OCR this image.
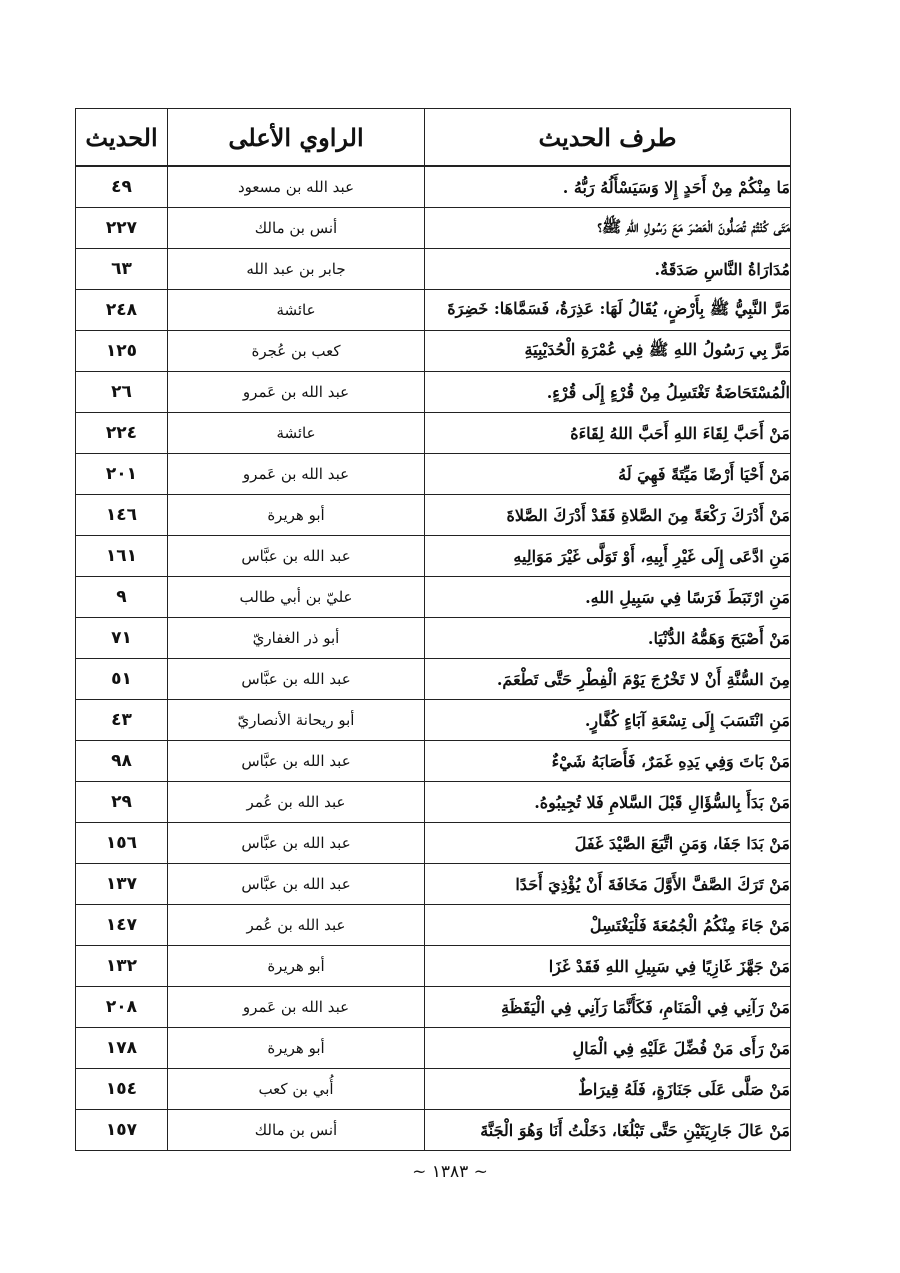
طرف الحديث	الراوي الأعلى	الحديث
مَا مِنْكُمْ مِنْ أَحَدٍ إِلا وَسَيَسْأَلُهُ رَبُّهُ .	عبد الله بن مسعود	٤٩
مَتَى كُنْتُمْ تُصَلُّونَ الْعَصْرَ مَعَ رَسُولِ اللهِ ﷺ؟	أنس بن مالك	٢٢٧
مُدَارَاةُ النَّاسِ صَدَقَةٌ.	جابر بن عبد الله	٦٣
مَرَّ النَّبِيُّ ﷺ بِأَرْضٍ، يُقَالُ لَهَا: عَذِرَةُ، فَسَمَّاهَا: خَضِرَةَ	عائشة	٢٤٨
مَرَّ بِي رَسُولُ اللهِ ﷺ فِي عُمْرَةِ الْحُدَيْبِيَةِ	كعب بن عُجرة	١٢٥
الْمُسْتَحَاضَةُ تَغْتَسِلُ مِنْ قُرْءٍ إِلَى قُرْءٍ.	عبد الله بن عَمرو	٢٦
مَنْ أَحَبَّ لِقَاءَ اللهِ أَحَبَّ اللهُ لِقَاءَهُ	عائشة	٢٢٤
مَنْ أَحْيَا أَرْضًا مَيِّتَةً فَهِيَ لَهُ	عبد الله بن عَمرو	٢٠١
مَنْ أَدْرَكَ رَكْعَةً مِنَ الصَّلاةِ فَقَدْ أَدْرَكَ الصَّلاةَ	أبو هريرة	١٤٦
مَنِ ادَّعَى إِلَى غَيْرِ أَبِيهِ، أَوْ تَوَلَّى غَيْرَ مَوَالِيهِ	عبد الله بن عبَّاس	١٦١
مَنِ ارْتَبَطَ فَرَسًا فِي سَبِيلِ اللهِ.	عليّ بن أبي طالب	٩
مَنْ أَصْبَحَ وَهَمُّهُ الدُّنْيَا.	أبو ذر الغفاريّ	٧١
مِنَ السُّنَّةِ أَنْ لا تَخْرُجَ يَوْمَ الْفِطْرِ حَتَّى تَطْعَمَ.	عبد الله بن عبَّاس	٥١
مَنِ انْتَسَبَ إِلَى تِسْعَةِ آبَاءٍ كُفَّارٍ.	أبو ريحانة الأنصاريّ	٤٣
مَنْ بَاتَ وَفِي يَدِهِ غَمَرٌ، فَأَصَابَهُ شَيْءٌ	عبد الله بن عبَّاس	٩٨
مَنْ بَدَأَ بِالسُّؤَالِ قَبْلَ السَّلامِ فَلا تُجِيبُوهُ.	عبد الله بن عُمر	٢٩
مَنْ بَدَا جَفَا، وَمَنِ اتَّبَعَ الصَّيْدَ غَفَلَ	عبد الله بن عبَّاس	١٥٦
مَنْ تَرَكَ الصَّفَّ الأَوَّلَ مَخَافَةَ أَنْ يُؤْذِيَ أَحَدًا	عبد الله بن عبَّاس	١٣٧
مَنْ جَاءَ مِنْكُمُ الْجُمُعَةَ فَلْيَغْتَسِلْ	عبد الله بن عُمر	١٤٧
مَنْ جَهَّزَ غَازِيًا فِي سَبِيلِ اللهِ فَقَدْ غَزَا	أبو هريرة	١٣٢
مَنْ رَآنِي فِي الْمَنَامِ، فَكَأَنَّمَا رَآنِي فِي الْيَقَظَةِ	عبد الله بن عَمرو	٢٠٨
مَنْ رَأَى مَنْ فُضِّلَ عَلَيْهِ فِي الْمَالِ	أبو هريرة	١٧٨
مَنْ صَلَّى عَلَى جَنَازَةٍ، فَلَهُ قِيرَاطٌ	أُبي بن كعب	١٥٤
مَنْ عَالَ جَارِيَتَيْنِ حَتَّى تَبْلُغَا، دَخَلْتُ أَنَا وَهُوَ الْجَنَّةَ	أنس بن مالك	١٥٧
~ ١٣٨٣ ~
